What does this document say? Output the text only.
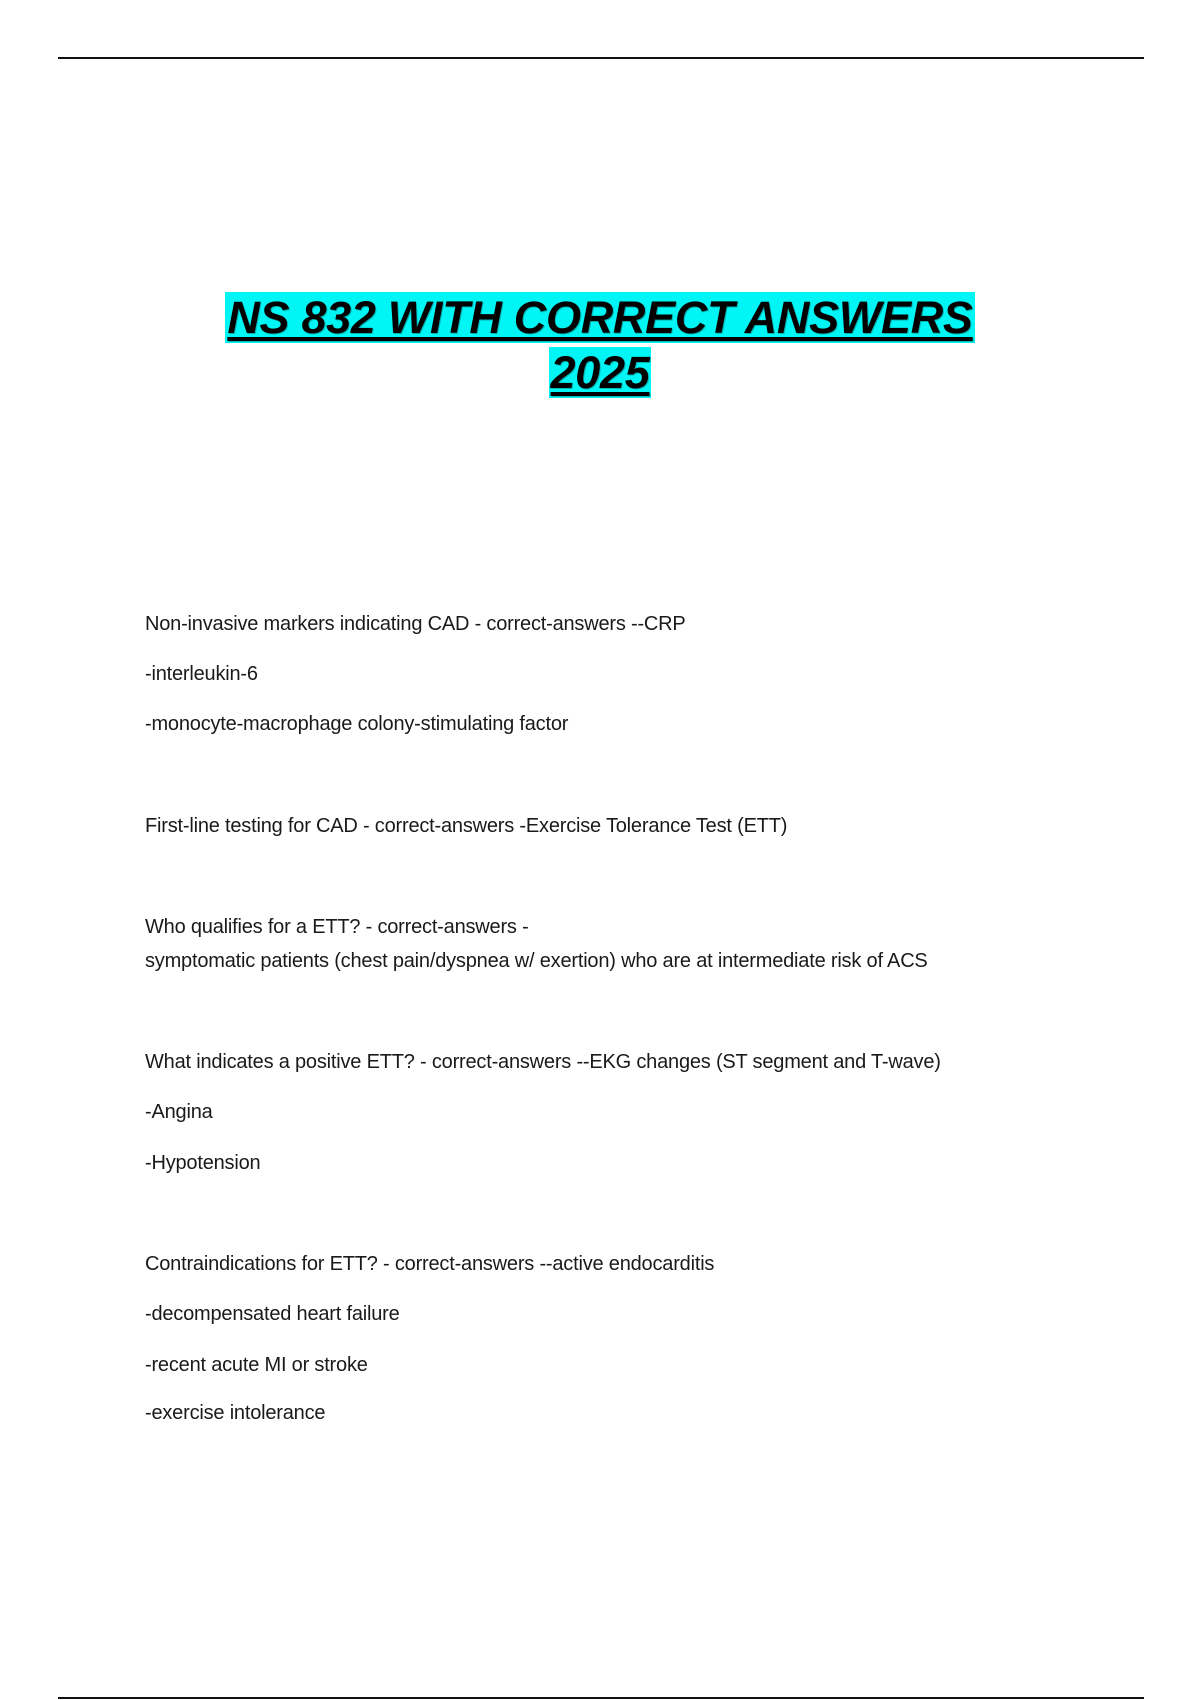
NS 832 WITH CORRECT ANSWERS
2025
Non-invasive markers indicating CAD - correct-answers --CRP
-interleukin-6
-monocyte-macrophage colony-stimulating factor
First-line testing for CAD - correct-answers -Exercise Tolerance Test (ETT)
Who qualifies for a ETT? - correct-answers -
symptomatic patients (chest pain/dyspnea w/ exertion) who are at intermediate risk of ACS
What indicates a positive ETT? - correct-answers --EKG changes (ST segment and T-wave)
-Angina
-Hypotension
Contraindications for ETT? - correct-answers --active endocarditis
-decompensated heart failure
-recent acute MI or stroke
-exercise intolerance
